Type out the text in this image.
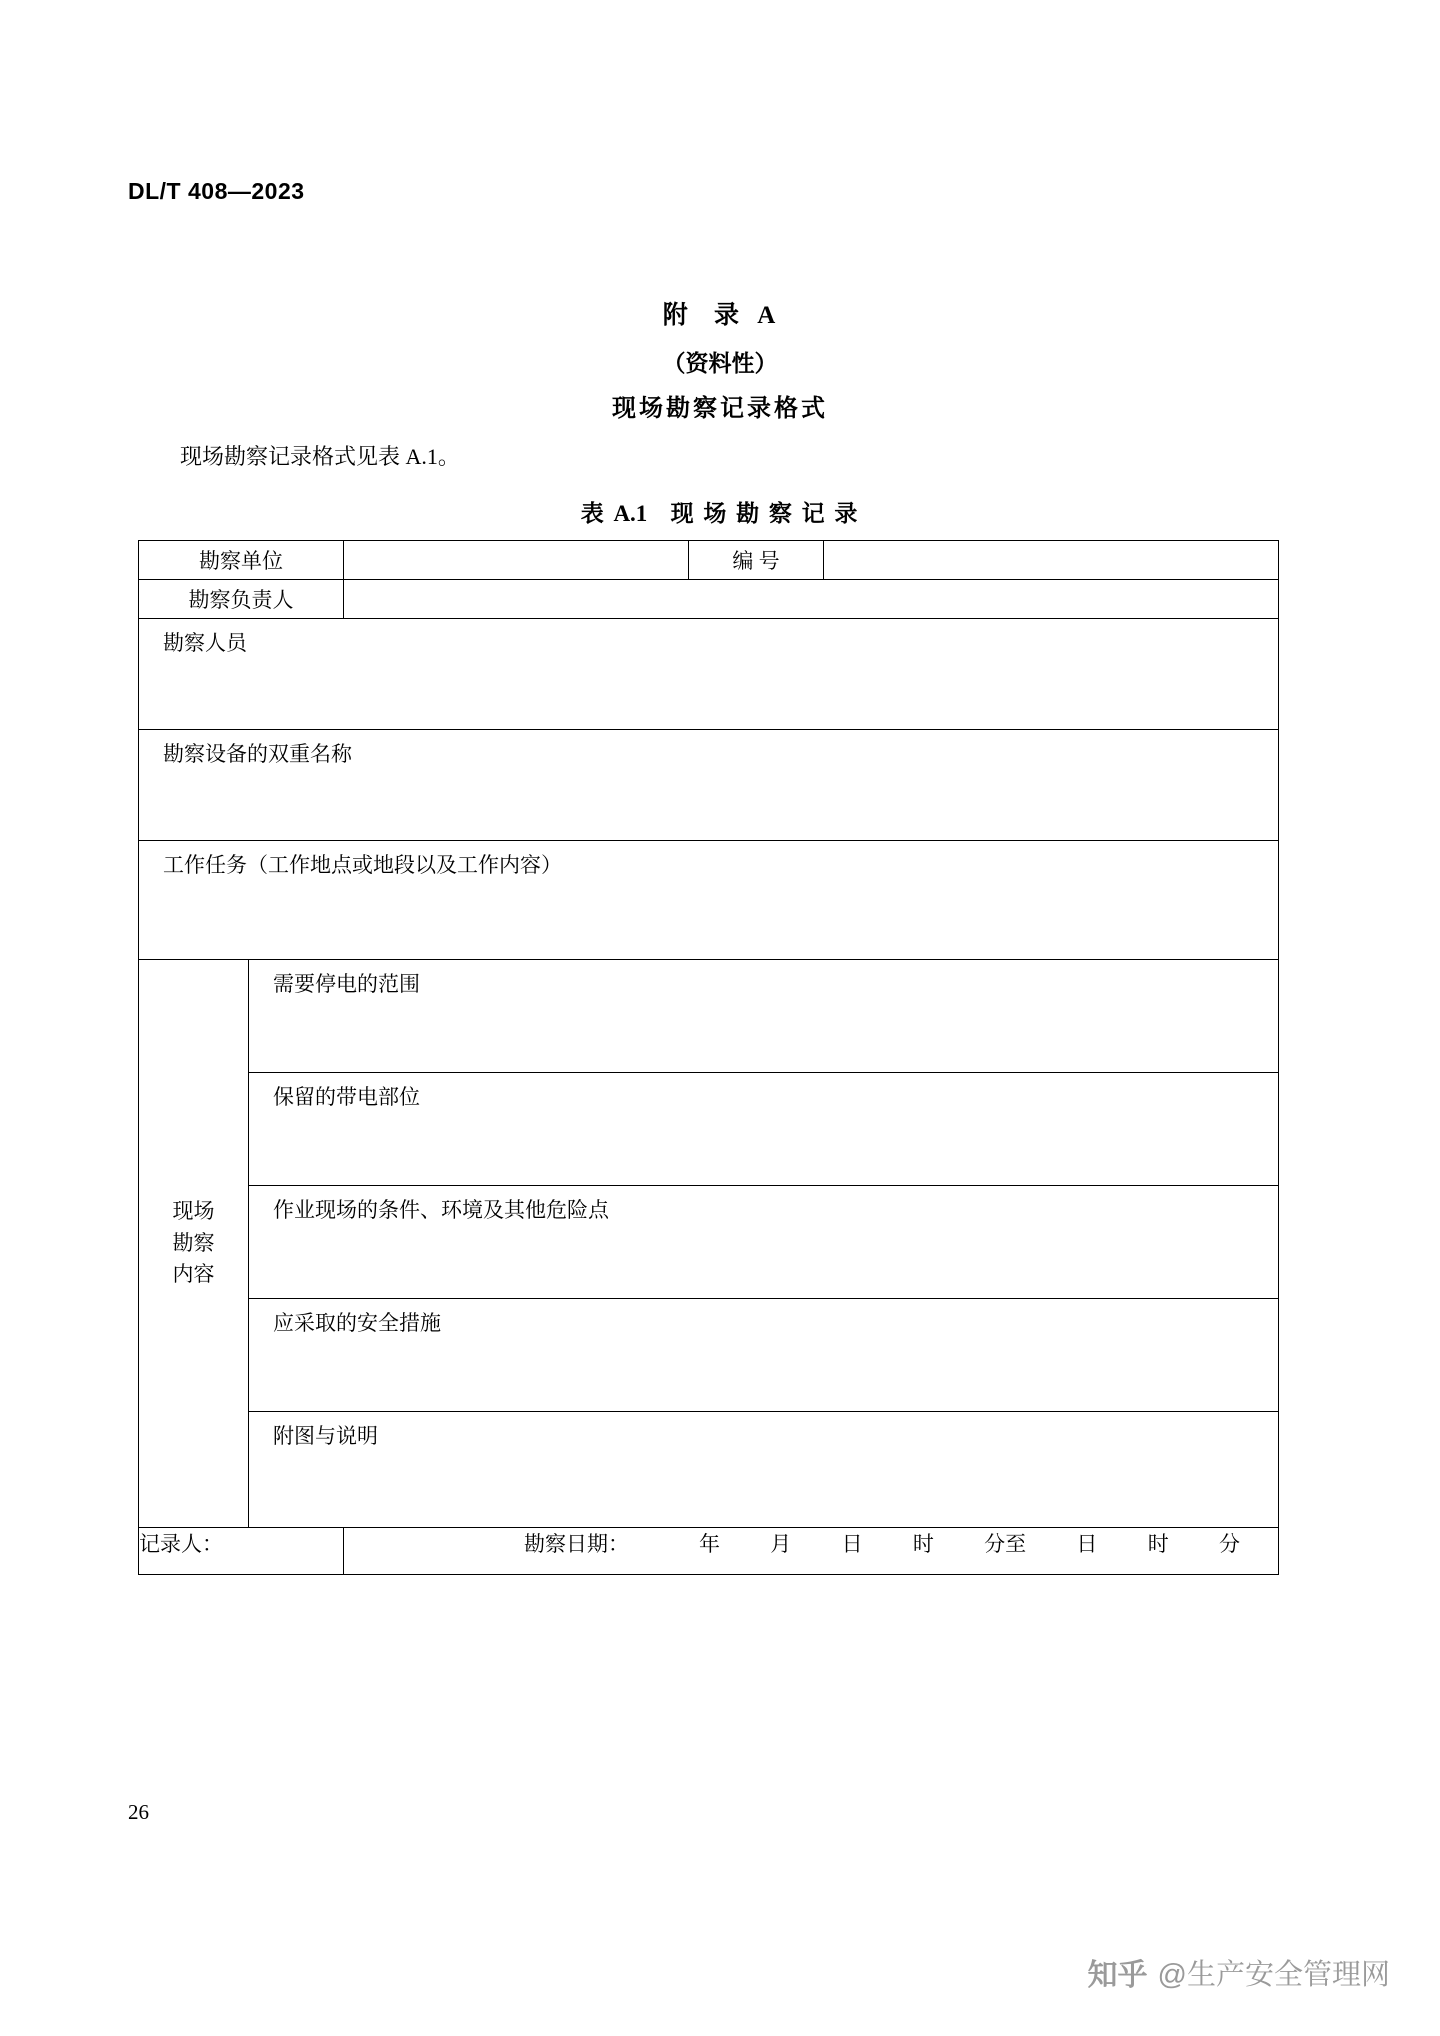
DL/T 408—2023
附 录 A
（资料性）
现场勘察记录格式
现场勘察记录格式见表 A.1。
表 A.1 现 场 勘 察 记 录
勘察单位			编 号	
勘察负责人				

勘察人员				

勘察设备的双重名称				

工作任务（工作地点或地段以及工作内容）				

现场
勘察
内容	需要停电的范围			

	保留的带电部位			

	作业现场的条件、环境及其他危险点			

	应采取的安全措施			

	附图与说明			

记录人：	勘察日期：	年 月 日 时 分至 日 时 分
26
知乎 @生产安全管理网
